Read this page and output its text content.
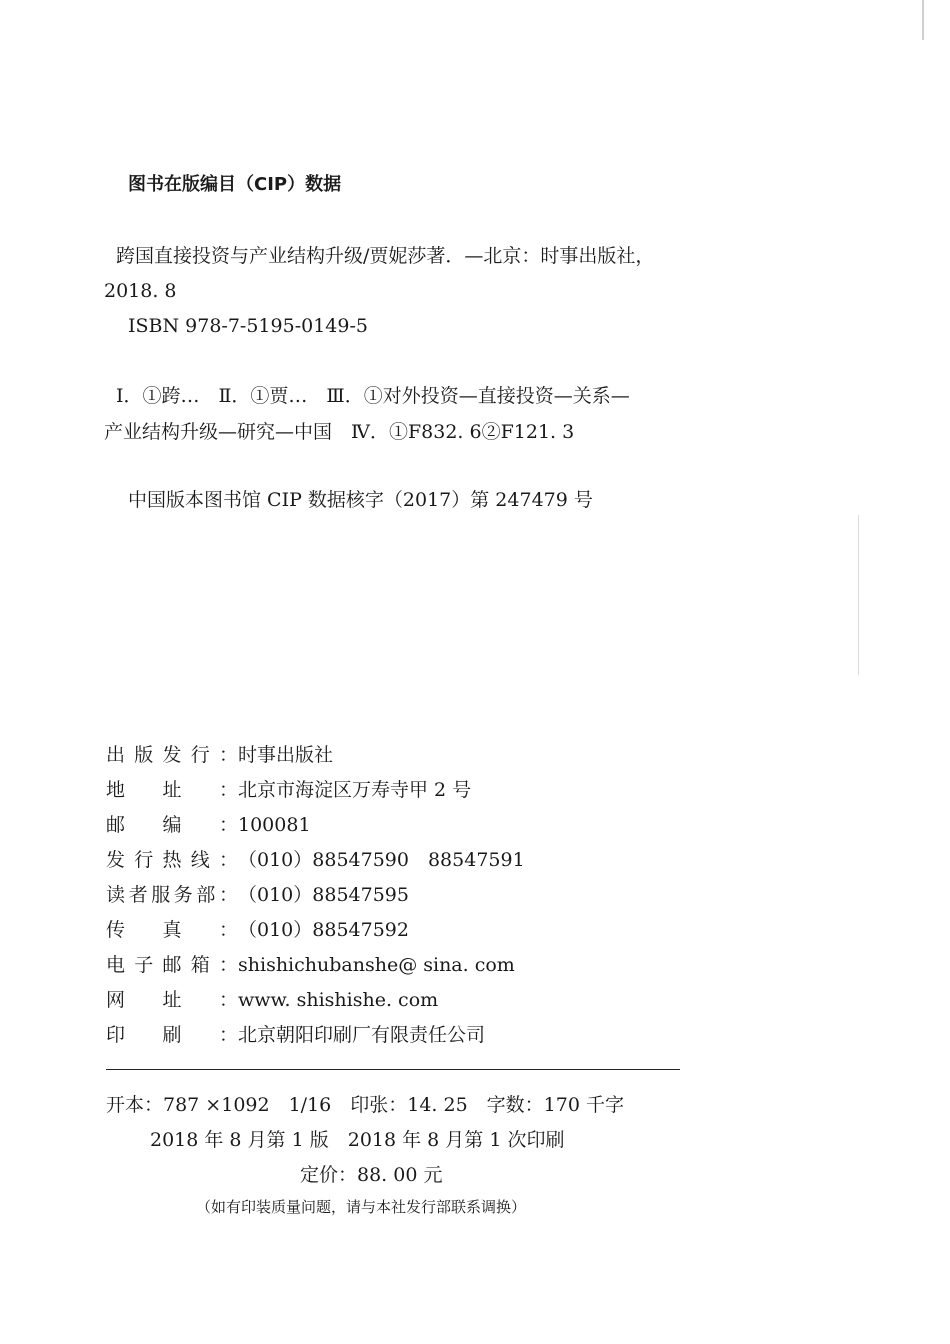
图书在版编目（CIP）数据
跨国直接投资与产业结构升级/贾妮莎著．—北京：时事出版社，
2018. 8
ISBN 978-7-5195-0149-5
Ⅰ．①跨…　Ⅱ．①贾…　Ⅲ．①对外投资—直接投资—关系—
产业结构升级—研究—中国　Ⅳ．①F832. 6②F121. 3
中国版本图书馆 CIP 数据核字（2017）第 247479 号
出版发行：时事出版社
地址：北京市海淀区万寿寺甲 2 号
邮编：100081
发行热线：（010）88547590　88547591
读者服务部：（010）88547595
传真：（010）88547592
电子邮箱：shishichubanshe@ sina. com
网址：www. shishishe. com
印刷：北京朝阳印刷厂有限责任公司
开本：787 ×1092　1/16　印张：14. 25　字数：170 千字
2018 年 8 月第 1 版　2018 年 8 月第 1 次印刷
定价：88. 00 元
（如有印装质量问题，请与本社发行部联系调换）
